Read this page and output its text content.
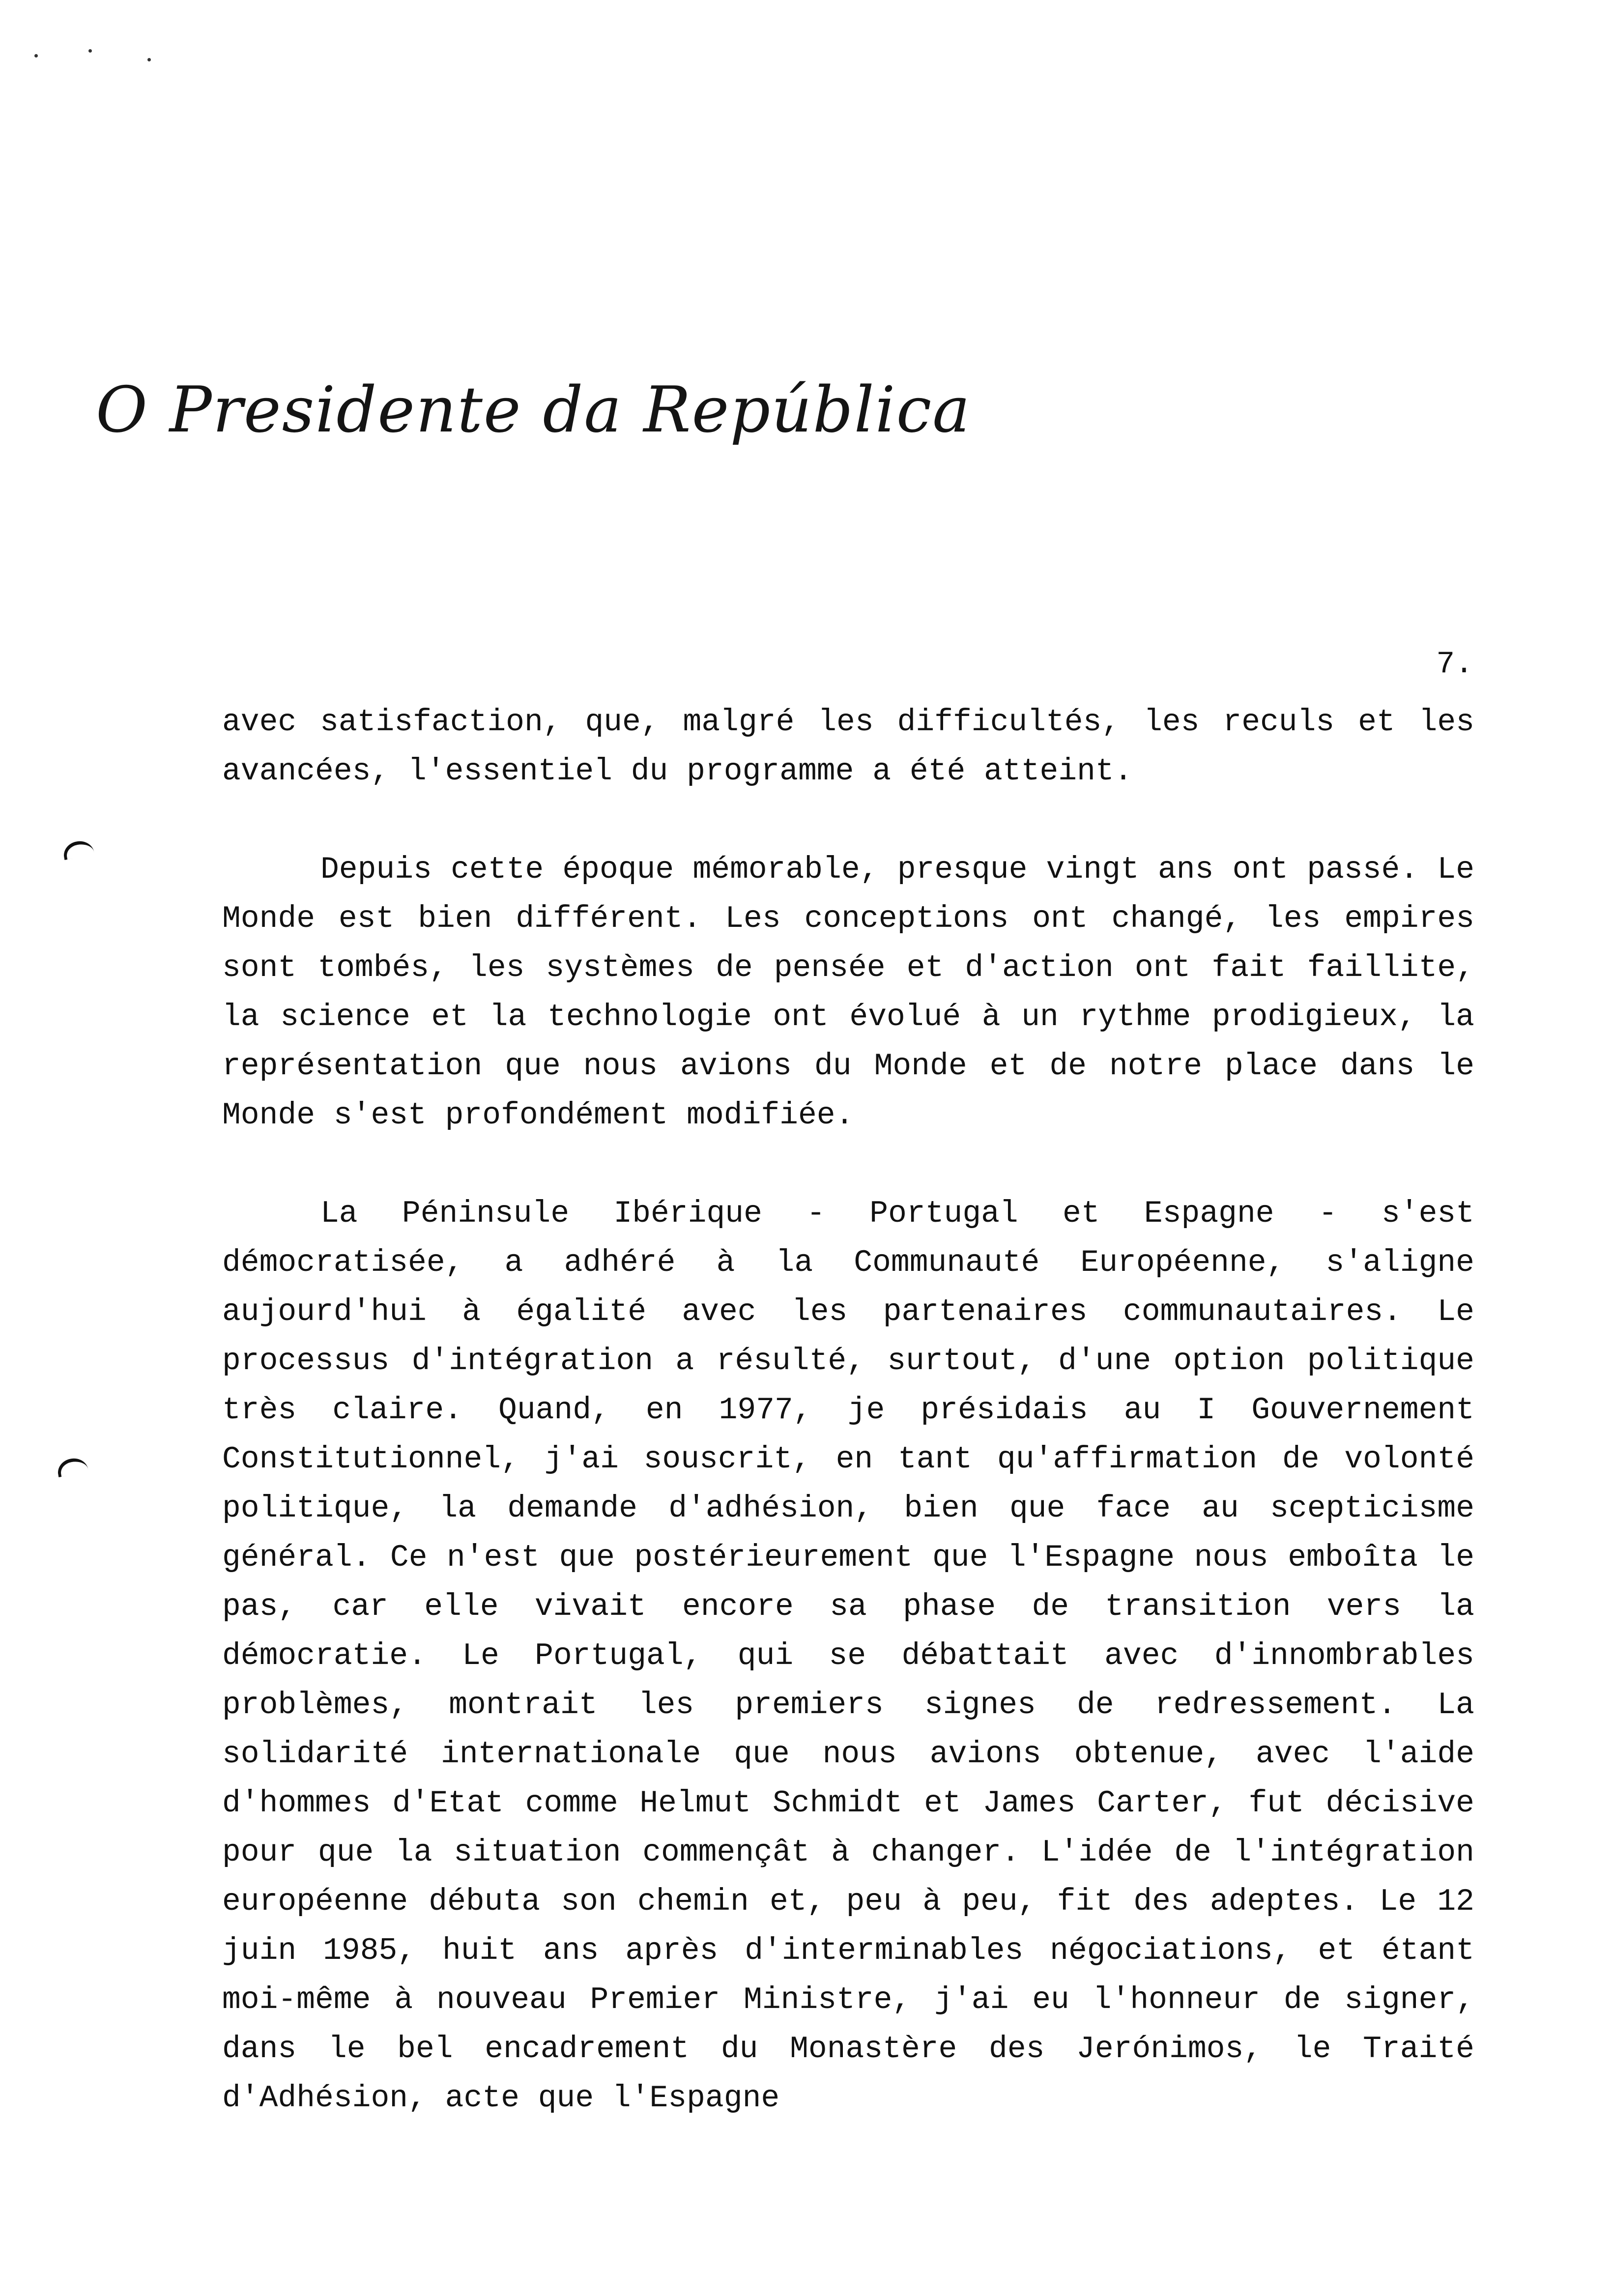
O Presidente da República
7.

avec satisfaction, que, malgré les difficultés, les reculs et les avancées, l'essentiel du programme a été atteint.

Depuis cette époque mémorable, presque vingt ans ont passé. Le Monde est bien différent. Les conceptions ont changé, les empires sont tombés, les systèmes de pensée et d'action ont fait faillite, la science et la technologie ont évolué à un rythme prodigieux, la représentation que nous avions du Monde et de notre place dans le Monde s'est profondément modifiée.

La Péninsule Ibérique - Portugal et Espagne - s'est démocratisée, a adhéré à la Communauté Européenne, s'aligne aujourd'hui à égalité avec les partenaires communautaires. Le processus d'intégration a résulté, surtout, d'une option politique très claire. Quand, en 1977, je présidais au I Gouvernement Constitutionnel, j'ai souscrit, en tant qu'affirmation de volonté politique, la demande d'adhésion, bien que face au scepticisme général. Ce n'est que postérieurement que l'Espagne nous emboîta le pas, car elle vivait encore sa phase de transition vers la démocratie. Le Portugal, qui se débattait avec d'innombrables problèmes, montrait les premiers signes de redressement. La solidarité internationale que nous avions obtenue, avec l'aide d'hommes d'Etat comme Helmut Schmidt et James Carter, fut décisive pour que la situation commençât à changer. L'idée de l'intégration européenne débuta son chemin et, peu à peu, fit des adeptes. Le 12 juin 1985, huit ans après d'interminables négociations, et étant moi-même à nouveau Premier Ministre, j'ai eu l'honneur de signer, dans le bel encadrement du Monastère des Jerónimos, le Traité d'Adhésion, acte que l'Espagne
